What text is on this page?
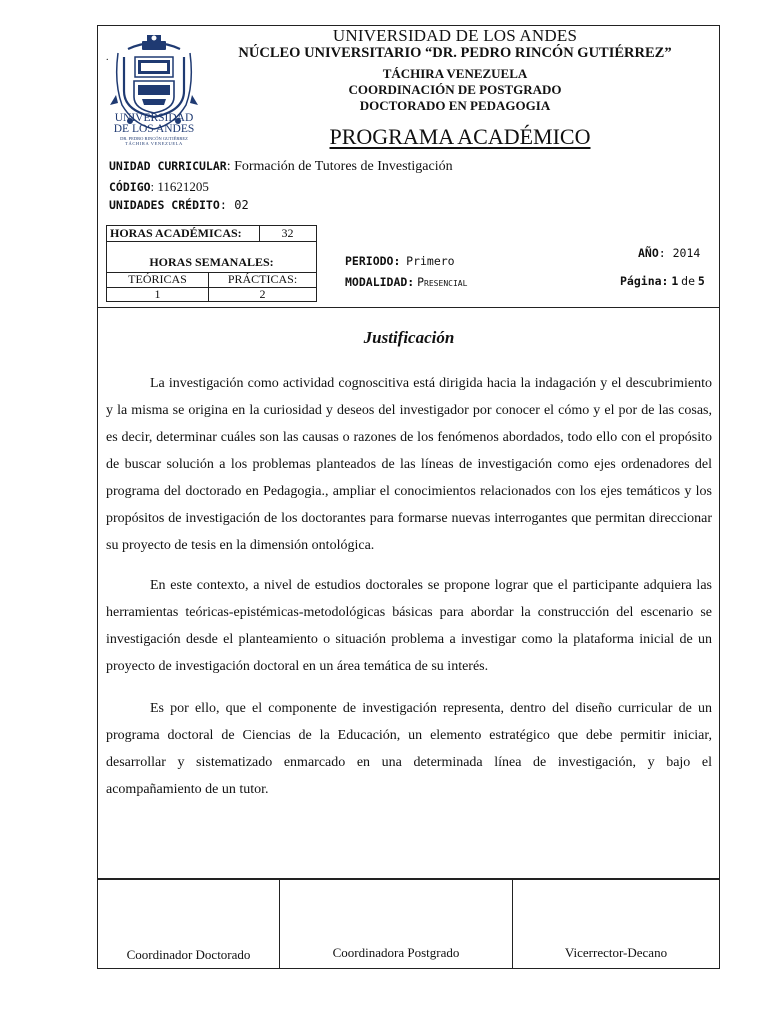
.
UNIVERSIDAD
DE LOS ANDES
DR. PEDRO RINCÓN GUTIÉRREZ
TÁCHIRA VENEZUELA
UNIVERSIDAD DE LOS ANDES
NÚCLEO UNIVERSITARIO “DR. PEDRO RINCÓN GUTIÉRREZ”
TÁCHIRA VENEZUELA
COORDINACIÓN DE POSTGRADO
DOCTORADO EN PEDAGOGIA
PROGRAMA ACADÉMICO
UNIDAD CURRICULAR: Formación de Tutores de Investigación
CÓDIGO: 11621205
UNIDADES CRÉDITO: 02
HORAS ACADÉMICAS:	32
HORAS SEMANALES:
TEÓRICAS	PRÁCTICAS:
1	2
PERIODO: Primero
MODALIDAD: Presencial
AÑO: 2014
Página: 1 de 5
Justificación

La investigación como actividad cognoscitiva está dirigida hacia la indagación y el descubrimiento y la misma se origina en la curiosidad y deseos del investigador por conocer el cómo y el por de las cosas, es decir, determinar cuáles son las causas o razones de los fenómenos abordados, todo ello con el propósito de buscar solución a los problemas planteados de las líneas de investigación como ejes ordenadores del programa del doctorado en Pedagogia., ampliar el conocimientos relacionados con los ejes temáticos y los propósitos de investigación de los doctorantes para formarse nuevas interrogantes que permitan direccionar su proyecto de tesis en la dimensión ontológica.

En este contexto, a nivel de estudios doctorales se propone lograr que el participante adquiera las herramientas teóricas-epistémicas-metodológicas básicas para abordar la construcción del escenario se investigación desde el planteamiento o situación problema a investigar como la plataforma inicial de un proyecto de investigación doctoral en un área temática de su interés.

Es por ello, que el componente de investigación representa, dentro del diseño curricular de un programa doctoral de Ciencias de la Educación, un elemento estratégico que debe permitir iniciar, desarrollar y sistematizado enmarcado en una determinada línea de investigación, y bajo el acompañamiento de un tutor.

Coordinador Doctorado	Coordinadora Postgrado	Vicerrector-Decano
